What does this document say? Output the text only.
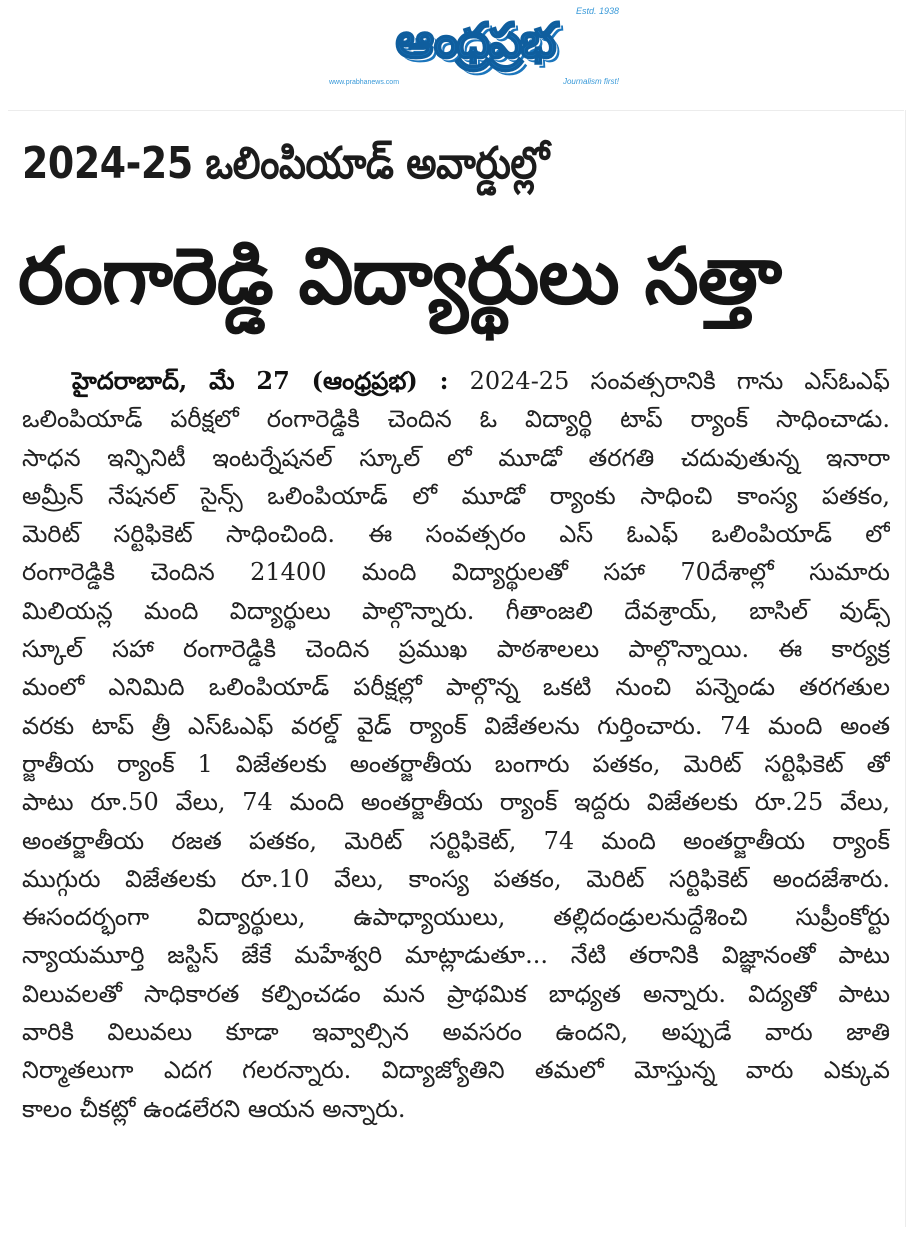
Estd. 1938
ఆంధ్రప్రభ
www.prabhanews.com	Journalism first!
2024-25 ఒలింపియాడ్ అవార్డుల్లో
రంగారెడ్డి విద్యార్థులు సత్తా
హైదరాబాద్, మే 27 (ఆంధ్రప్రభ) : 2024-25 సంవత్సరానికి గాను ఎస్ఓఎఫ్
ఒలింపియాడ్ పరీక్షలో రంగారెడ్డికి చెందిన ఓ విద్యార్థి టాప్ ర్యాంక్ సాధించాడు.
సాధన ఇన్ఫినిటీ ఇంటర్నేషనల్ స్కూల్ లో మూడో తరగతి చదువుతున్న ఇనారా
అమ్రీన్ నేషనల్ సైన్స్ ఒలింపియాడ్ లో మూడో ర్యాంకు సాధించి కాంస్య పతకం,
మెరిట్ సర్టిఫికెట్ సాధించింది. ఈ సంవత్సరం ఎస్ ఓఎఫ్ ఒలింపియాడ్ లో
రంగారెడ్డికి చెందిన 21400 మంది విద్యార్థులతో సహా 70దేశాల్లో సుమారు
మిలియన్ల మంది విద్యార్థులు పాల్గొన్నారు. గీతాంజలి దేవశ్రాయ్, బాసిల్ వుడ్స్
స్కూల్ సహా రంగారెడ్డికి చెందిన ప్రముఖ పాఠశాలలు పాల్గొన్నాయి. ఈ కార్యక్ర
మంలో ఎనిమిది ఒలింపియాడ్ పరీక్షల్లో పాల్గొన్న ఒకటి నుంచి పన్నెండు తరగతుల
వరకు టాప్ త్రీ ఎస్ఓఎఫ్ వరల్డ్ వైడ్ ర్యాంక్ విజేతలను గుర్తించారు. 74 మంది అంత
ర్జాతీయ ర్యాంక్ 1 విజేతలకు అంతర్జాతీయ బంగారు పతకం, మెరిట్ సర్టిఫికెట్ తో
పాటు రూ.50 వేలు, 74 మంది అంతర్జాతీయ ర్యాంక్ ఇద్దరు విజేతలకు రూ.25 వేలు,
అంతర్జాతీయ రజత పతకం, మెరిట్ సర్టిఫికెట్, 74 మంది అంతర్జాతీయ ర్యాంక్
ముగ్గురు విజేతలకు రూ.10 వేలు, కాంస్య పతకం, మెరిట్ సర్టిఫికెట్ అందజేశారు.
ఈసందర్భంగా విద్యార్థులు, ఉపాధ్యాయులు, తల్లిదండ్రులనుద్దేశించి సుప్రీంకోర్టు
న్యాయమూర్తి జస్టిస్ జేకే మహేశ్వరి మాట్లాడుతూ... నేటి తరానికి విజ్ఞానంతో పాటు
విలువలతో సాధికారత కల్పించడం మన ప్రాథమిక బాధ్యత అన్నారు. విద్యతో పాటు
వారికి విలువలు కూడా ఇవ్వాల్సిన అవసరం ఉందని, అప్పుడే వారు జాతి
నిర్మాతలుగా ఎదగ గలరన్నారు. విద్యాజ్యోతిని తమలో మోస్తున్న వారు ఎక్కువ
కాలం చీకట్లో ఉండలేరని ఆయన అన్నారు.
